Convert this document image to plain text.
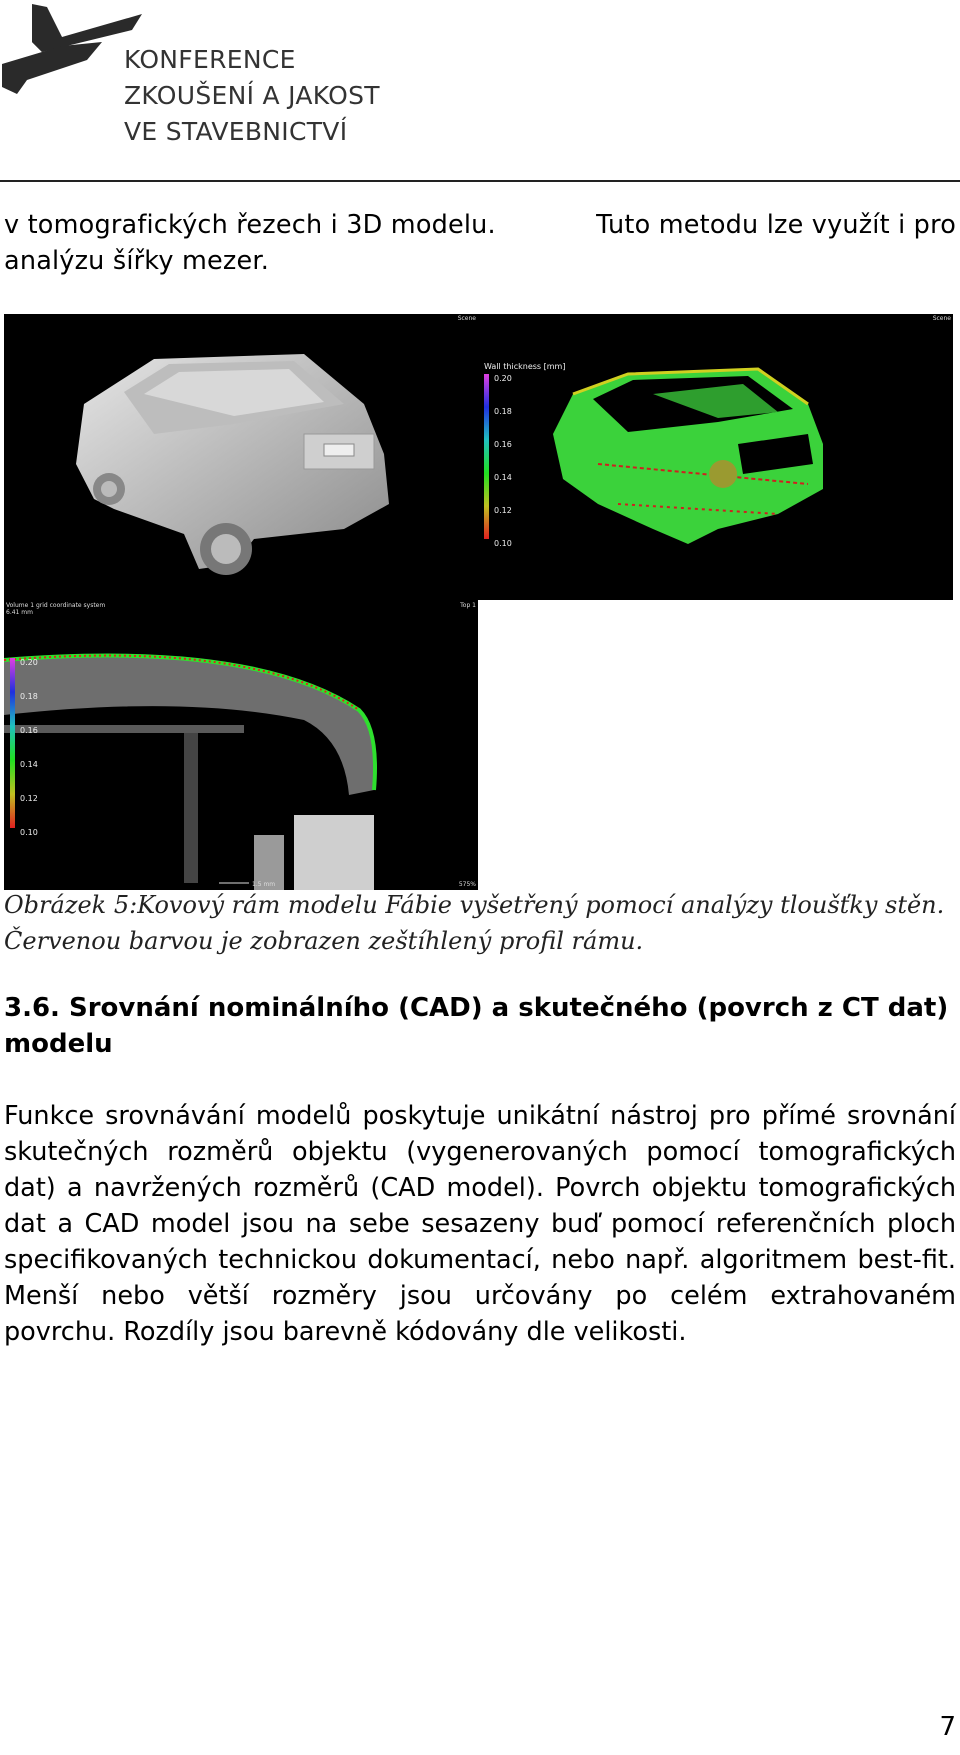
KONFERENCE
ZKOUŠENÍ A JAKOST
VE STAVEBNICTVÍ
v tomografických řezech i 3D modelu.	Tuto metodu lze využít i pro
analýzu šířky mezer.
Scene	Scene
Wall thickness [mm]
0.20
0.18
0.16
0.14
0.12
0.10
Volume 1 grid coordinate system
6.41 mm
Top 1
0.20
0.18
0.16
0.14
0.12
0.10
1.5 mm	575%
Obrázek 5:Kovový rám modelu Fábie vyšetřený pomocí analýzy tloušťky stěn.
Červenou barvou je zobrazen zeštíhlený profil rámu.
3.6. Srovnání nominálního (CAD) a skutečného (povrch z CT dat) modelu
Funkce srovnávání modelů poskytuje unikátní nástroj pro přímé srovnání skutečných rozměrů objektu (vygenerovaných pomocí tomografických dat) a navržených rozměrů (CAD model). Povrch objektu tomografických dat a CAD model jsou na sebe sesazeny buď pomocí referenčních ploch specifikovaných technickou dokumentací, nebo např. algoritmem best-fit. Menší nebo větší rozměry jsou určovány po celém extrahovaném povrchu. Rozdíly jsou barevně kódovány dle velikosti.
7
